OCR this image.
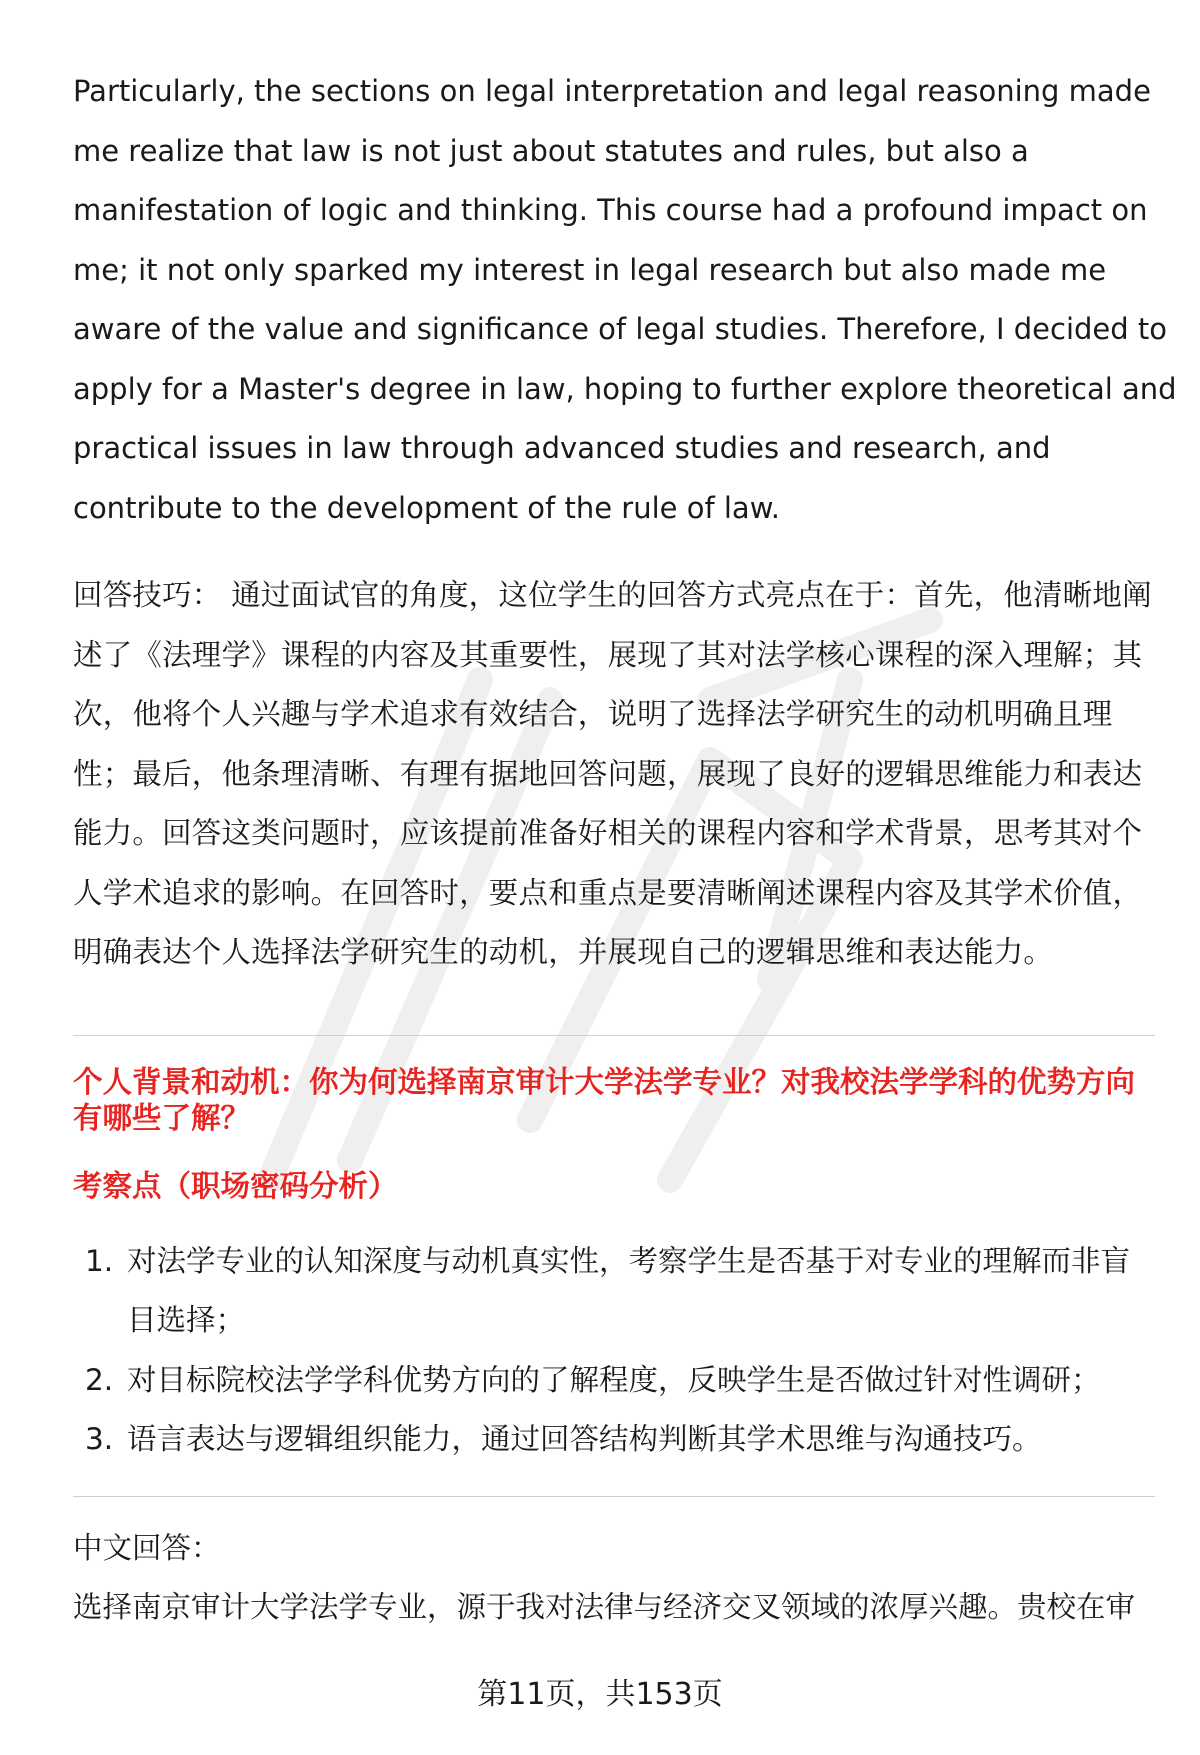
Particularly, the sections on legal interpretation and legal reasoning made
me realize that law is not just about statutes and rules, but also a
manifestation of logic and thinking. This course had a profound impact on
me; it not only sparked my interest in legal research but also made me
aware of the value and significance of legal studies. Therefore, I decided to
apply for a Master's degree in law, hoping to further explore theoretical and
practical issues in law through advanced studies and research, and
contribute to the development of the rule of law.

回答技巧： 通过面试官的角度，这位学生的回答方式亮点在于：首先，他清晰地阐
述了《法理学》课程的内容及其重要性，展现了其对法学核心课程的深入理解；其
次，他将个人兴趣与学术追求有效结合，说明了选择法学研究生的动机明确且理
性；最后，他条理清晰、有理有据地回答问题，展现了良好的逻辑思维能力和表达
能力。回答这类问题时，应该提前准备好相关的课程内容和学术背景，思考其对个
人学术追求的影响。在回答时，要点和重点是要清晰阐述课程内容及其学术价值，
明确表达个人选择法学研究生的动机，并展现自己的逻辑思维和表达能力。

个人背景和动机：你为何选择南京审计大学法学专业？对我校法学学科的优势方向
有哪些了解？
考察点（职场密码分析）
1. 对法学专业的认知深度与动机真实性，考察学生是否基于对专业的理解而非盲
目选择；
2. 对目标院校法学学科优势方向的了解程度，反映学生是否做过针对性调研；
3. 语言表达与逻辑组织能力，通过回答结构判断其学术思维与沟通技巧。

中文回答：

选择南京审计大学法学专业，源于我对法律与经济交叉领域的浓厚兴趣。贵校在审

第11页，共153页
